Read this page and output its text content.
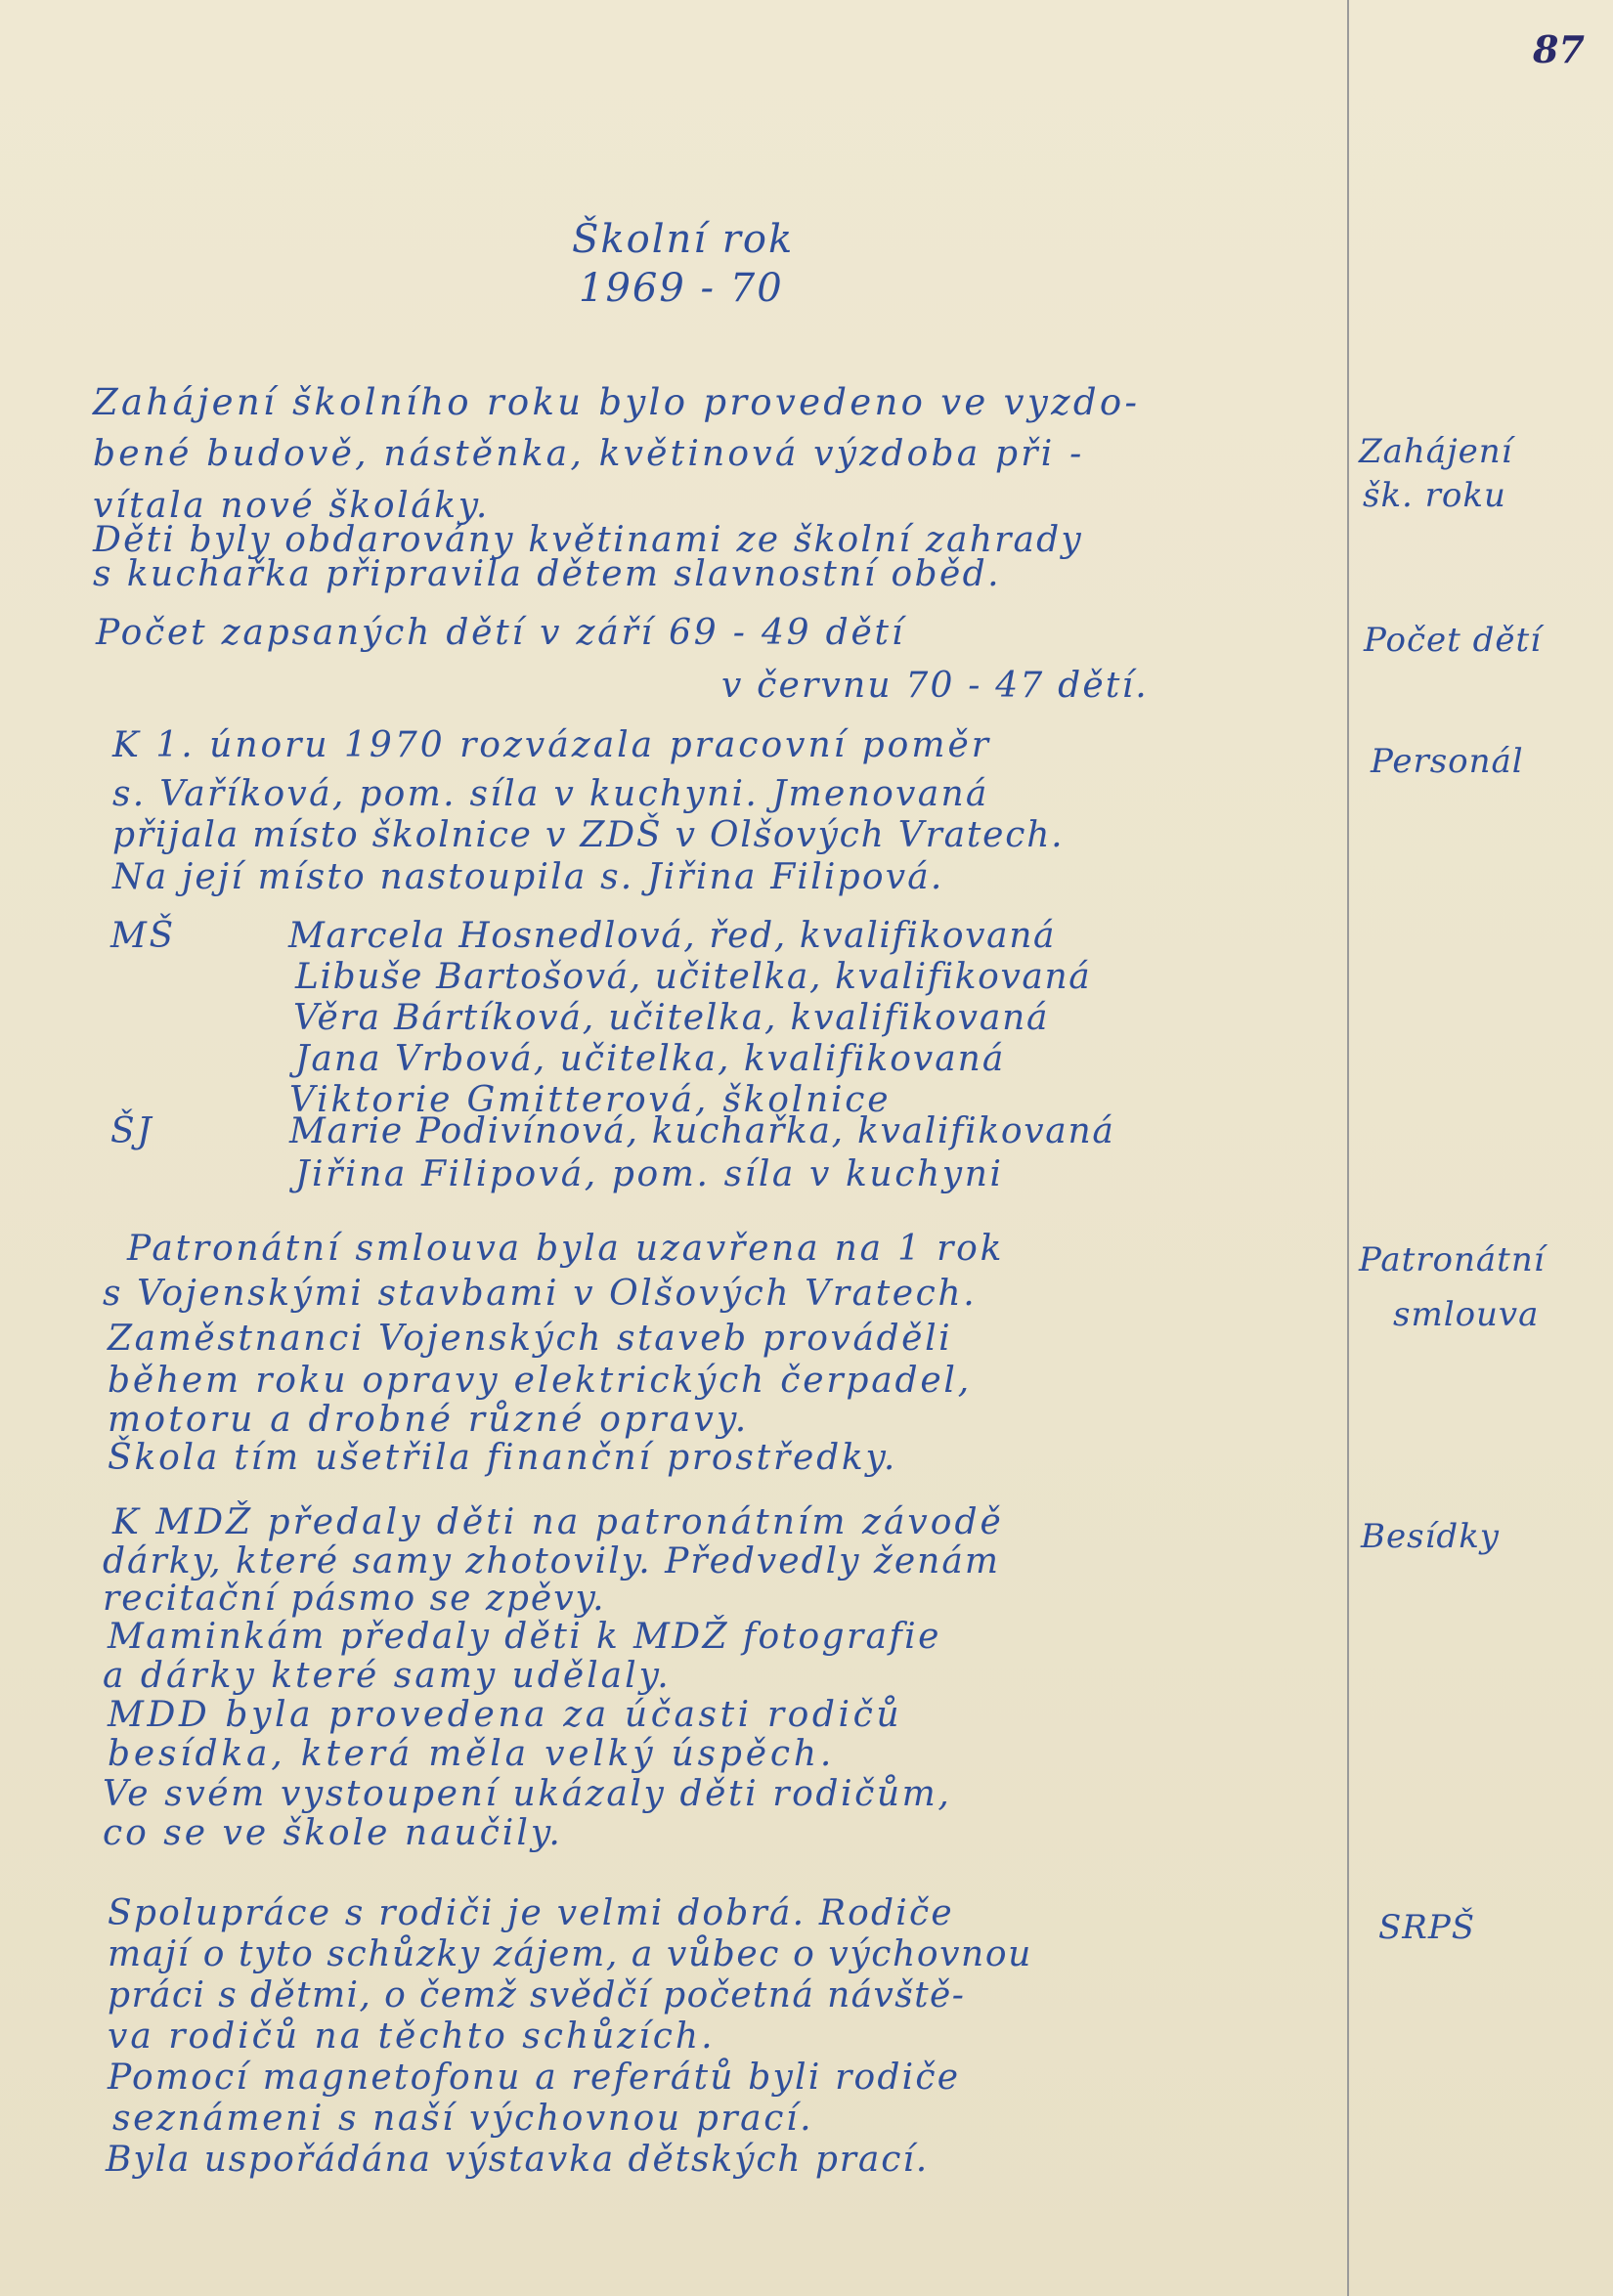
87
Školní rok
1969 - 70
Zahájení školního roku bylo provedeno ve vyzdo-
bené budově, nástěnka, květinová výzdoba při -
vítala nové školáky.
Děti byly obdarovány květinami ze školní zahrady
s kuchařka připravila dětem slavnostní oběd.
Zahájení
šk. roku
Počet zapsaných dětí v září 69 - 49 dětí
v červnu 70 - 47 dětí.
Počet dětí
K 1. únoru 1970 rozvázala pracovní poměr
s. Vaříková, pom. síla v kuchyni. Jmenovaná
přijala místo školnice v ZDŠ v Olšových Vratech.
Na její místo nastoupila s. Jiřina Filipová.
Personál
MŠ	Marcela Hosnedlová, řed, kvalifikovaná
Libuše Bartošová, učitelka, kvalifikovaná
Věra Bártíková, učitelka, kvalifikovaná
Jana Vrbová, učitelka, kvalifikovaná
Viktorie Gmitterová, školnice
ŠJ	Marie Podivínová, kuchařka, kvalifikovaná
Jiřina Filipová, pom. síla v kuchyni
Patronátní smlouva byla uzavřena na 1 rok
s Vojenskými stavbami v Olšových Vratech.
Zaměstnanci Vojenských staveb prováděli
během roku opravy elektrických čerpadel,
motoru a drobné různé opravy.
Škola tím ušetřila finanční prostředky.
Patronátní
smlouva
K MDŽ předaly děti na patronátním závodě
dárky, které samy zhotovily. Předvedly ženám
recitační pásmo se zpěvy.
Maminkám předaly děti k MDŽ fotografie
a dárky které samy udělaly.
MDD byla provedena za účasti rodičů
besídka, která měla velký úspěch.
Ve svém vystoupení ukázaly děti rodičům,
co se ve škole naučily.
Besídky
Spolupráce s rodiči je velmi dobrá. Rodiče
mají o tyto schůzky zájem, a vůbec o výchovnou
práci s dětmi, o čemž svědčí početná návště-
va rodičů na těchto schůzích.
Pomocí magnetofonu a referátů byli rodiče
seznámeni s naší výchovnou prací.
Byla uspořádána výstavka dětských prací.
SRPŠ
